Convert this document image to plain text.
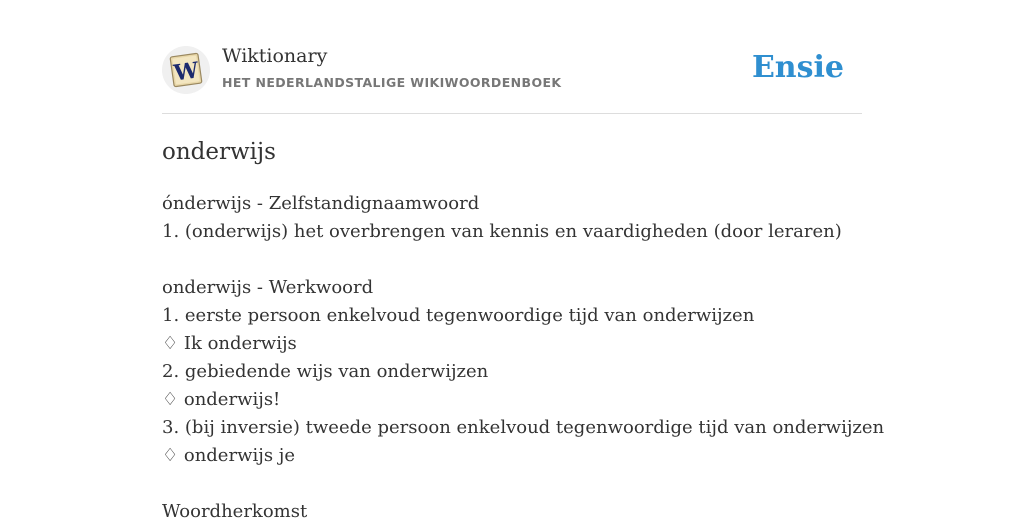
W
Wiktionary
HET NEDERLANDSTALIGE WIKIWOORDENBOEK	Ensie
onderwijs
ónderwijs - Zelfstandignaamwoord
1. (onderwijs) het overbrengen van kennis en vaardigheden (door leraren)
onderwijs - Werkwoord
1. eerste persoon enkelvoud tegenwoordige tijd van onderwijzen
♢ Ik onderwijs
2. gebiedende wijs van onderwijzen
♢ onderwijs!
3. (bij inversie) tweede persoon enkelvoud tegenwoordige tijd van onderwijzen
♢ onderwijs je
Woordherkomst
